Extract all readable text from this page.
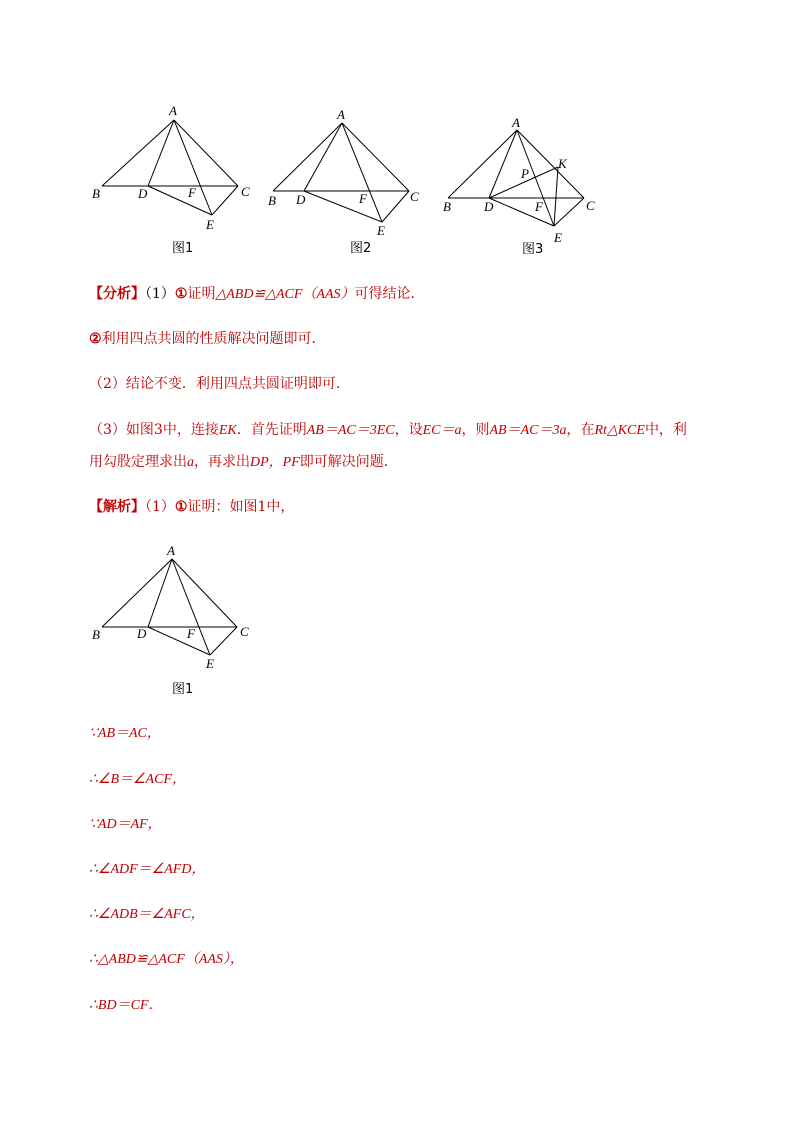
A
B	D	F	C
E
图1
A
B D	F	C
E
图2
A
K
P
B	D	F	C
E
图3
【分析】（1）①证明△ABD≌△ACF（AAS）可得结论．
②利用四点共圆的性质解决问题即可．
（2）结论不变．利用四点共圆证明即可．
（3）如图3中，连接EK．首先证明AB＝AC＝3EC，设EC＝a，则AB＝AC＝3a，在Rt△KCE中，利
用勾股定理求出a，再求出DP，PF即可解决问题．
【解析】（1）①证明：如图1中，
A
B	D	F	C
E
图1
∵AB＝AC，
∴∠B＝∠ACF，
∵AD＝AF，
∴∠ADF＝∠AFD，
∴∠ADB＝∠AFC，
∴△ABD≌△ACF（AAS），
∴BD＝CF．
